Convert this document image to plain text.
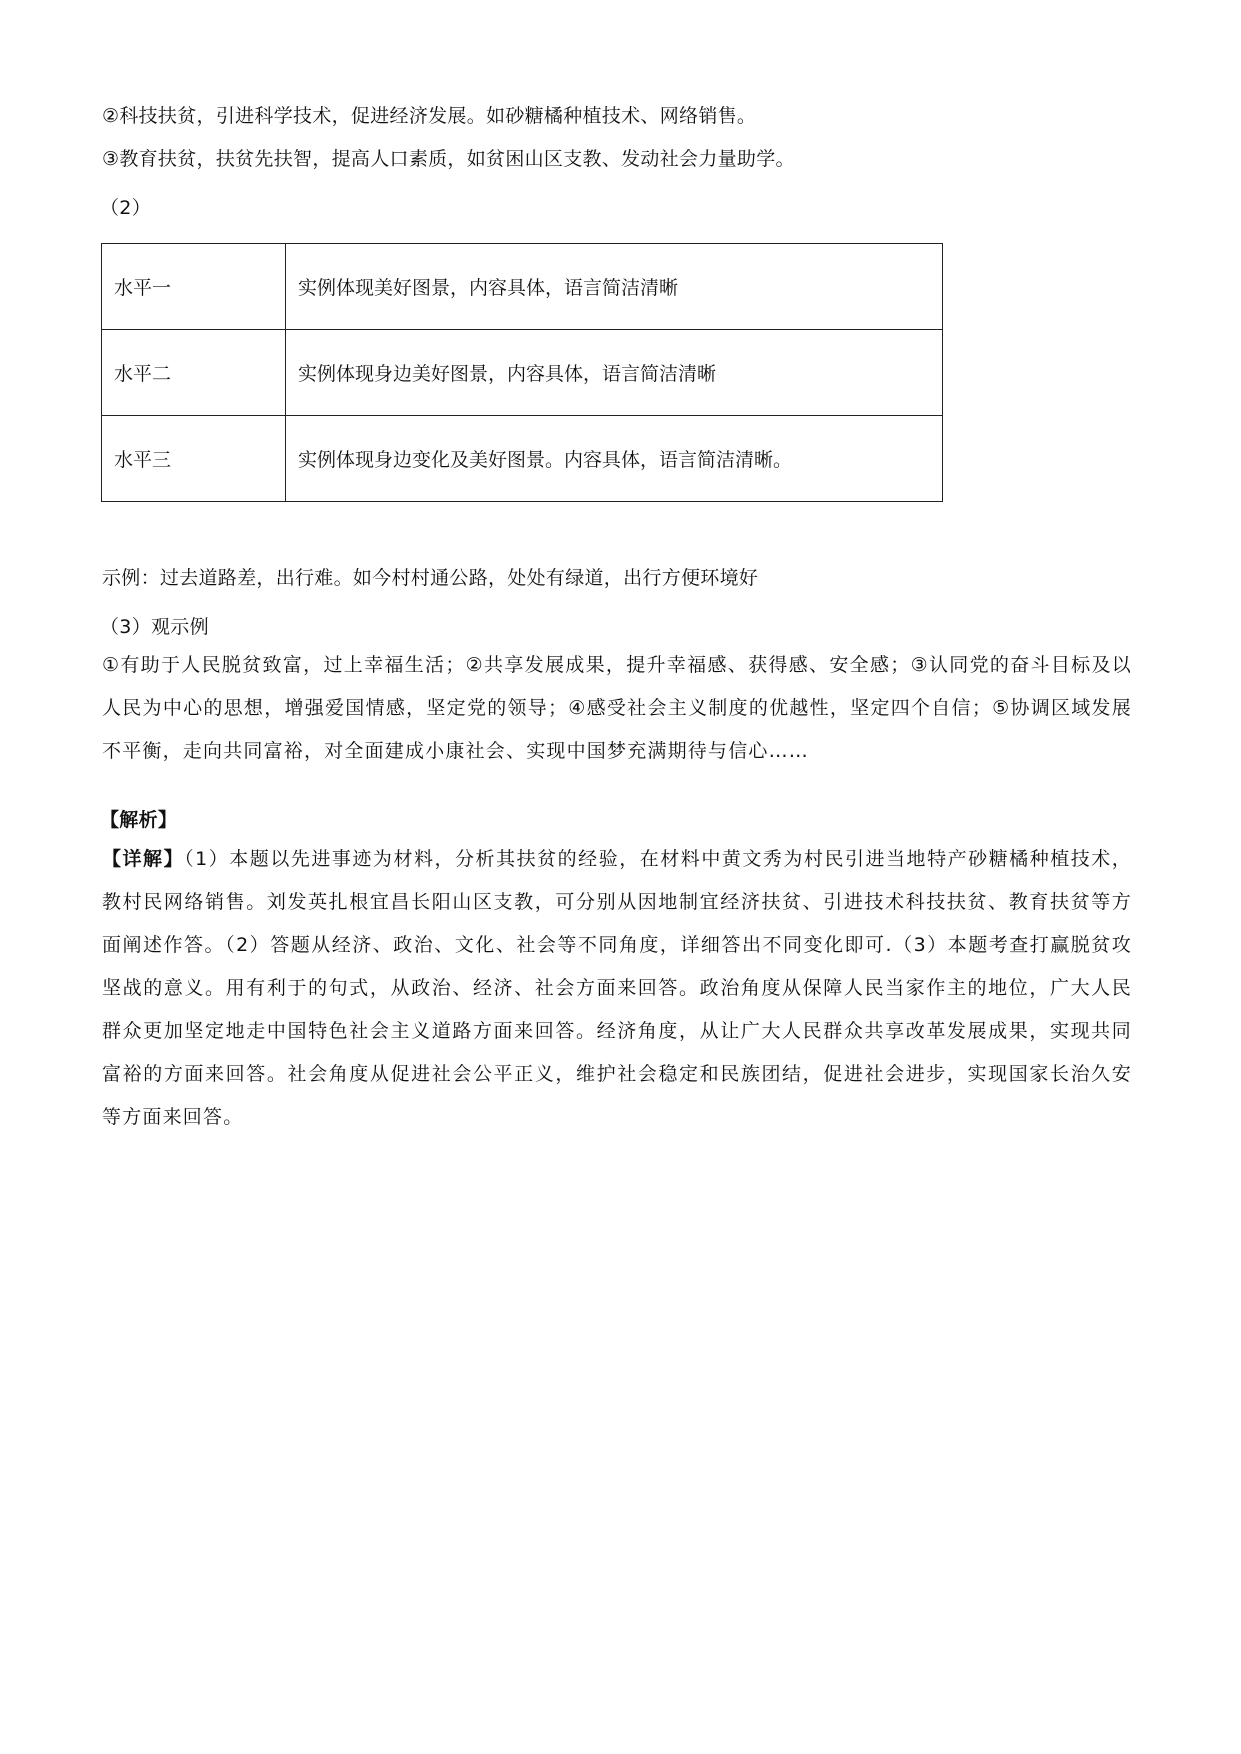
②科技扶贫，引进科学技术，促进经济发展。如砂糖橘种植技术、网络销售。
③教育扶贫，扶贫先扶智，提高人口素质，如贫困山区支教、发动社会力量助学。
（2）
水平一	实例体现美好图景，内容具体，语言简洁清晰
水平二	实例体现身边美好图景，内容具体，语言简洁清晰
水平三	实例体现身边变化及美好图景。内容具体，语言简洁清晰。
示例：过去道路差，出行难。如今村村通公路，处处有绿道，出行方便环境好
（3）观示例
①有助于人民脱贫致富，过上幸福生活；②共享发展成果，提升幸福感、获得感、安全感；③认同党的奋斗目标及以人民为中心的思想，增强爱国情感，坚定党的领导；④感受社会主义制度的优越性，坚定四个自信；⑤协调区域发展不平衡，走向共同富裕，对全面建成小康社会、实现中国梦充满期待与信心……
【解析】
【详解】（1）本题以先进事迹为材料，分析其扶贫的经验，在材料中黄文秀为村民引进当地特产砂糖橘种植技术，教村民网络销售。刘发英扎根宜昌长阳山区支教，可分别从因地制宜经济扶贫、引进技术科技扶贫、教育扶贫等方面阐述作答。（2）答题从经济、政治、文化、社会等不同角度，详细答出不同变化即可.（3）本题考查打赢脱贫攻坚战的意义。用有利于的句式，从政治、经济、社会方面来回答。政治角度从保障人民当家作主的地位，广大人民群众更加坚定地走中国特色社会主义道路方面来回答。经济角度，从让广大人民群众共享改革发展成果，实现共同富裕的方面来回答。社会角度从促进社会公平正义，维护社会稳定和民族团结，促进社会进步，实现国家长治久安等方面来回答。
